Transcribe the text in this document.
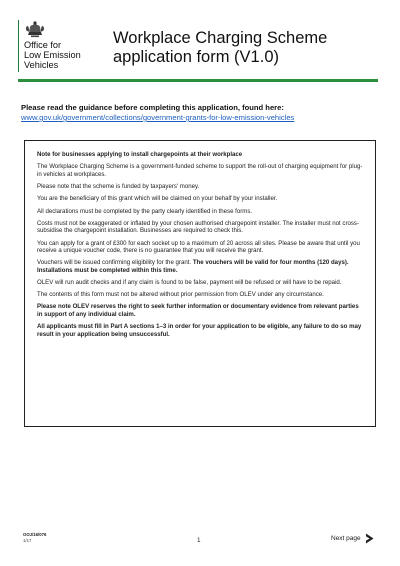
Office for
Low Emission
Vehicles
Workplace Charging Scheme
application form (V1.0)
Please read the guidance before completing this application, found here:
www.gov.uk/government/collections/government-grants-for-low-emission-vehicles

Note for businesses applying to install chargepoints at their workplace

The Workplace Charging Scheme is a government-funded scheme to support the roll-out of charging equipment for plug-in vehicles at workplaces.

Please note that the scheme is funded by taxpayers' money.

You are the beneficiary of this grant which will be claimed on your behalf by your installer.

All declarations must be completed by the party clearly identified in these forms.

Costs must not be exaggerated or inflated by your chosen authorised chargepoint installer. The installer must not cross-subsidise the chargepoint installation. Businesses are required to check this.

You can apply for a grant of £300 for each socket up to a maximum of 20 across all sites. Please be aware that until you receive a unique voucher code, there is no guarantee that you will receive the grant.

Vouchers will be issued confirming eligibility for the grant. The vouchers will be valid for four months (120 days). Installations must be completed within this time.

OLEV will run audit checks and if any claim is found to be false, payment will be refused or will have to be repaid.

The contents of this form must not be altered without prior permission from OLEV under any circumstance.

Please note OLEV reserves the right to seek further information or documentary evidence from relevant parties in support of any individual claim.

All applicants must fill in Part A sections 1–3 in order for your application to be eligible, any failure to do so may result in your application being unsuccessful.

OOJ/16/076
1/17	1	Next page
